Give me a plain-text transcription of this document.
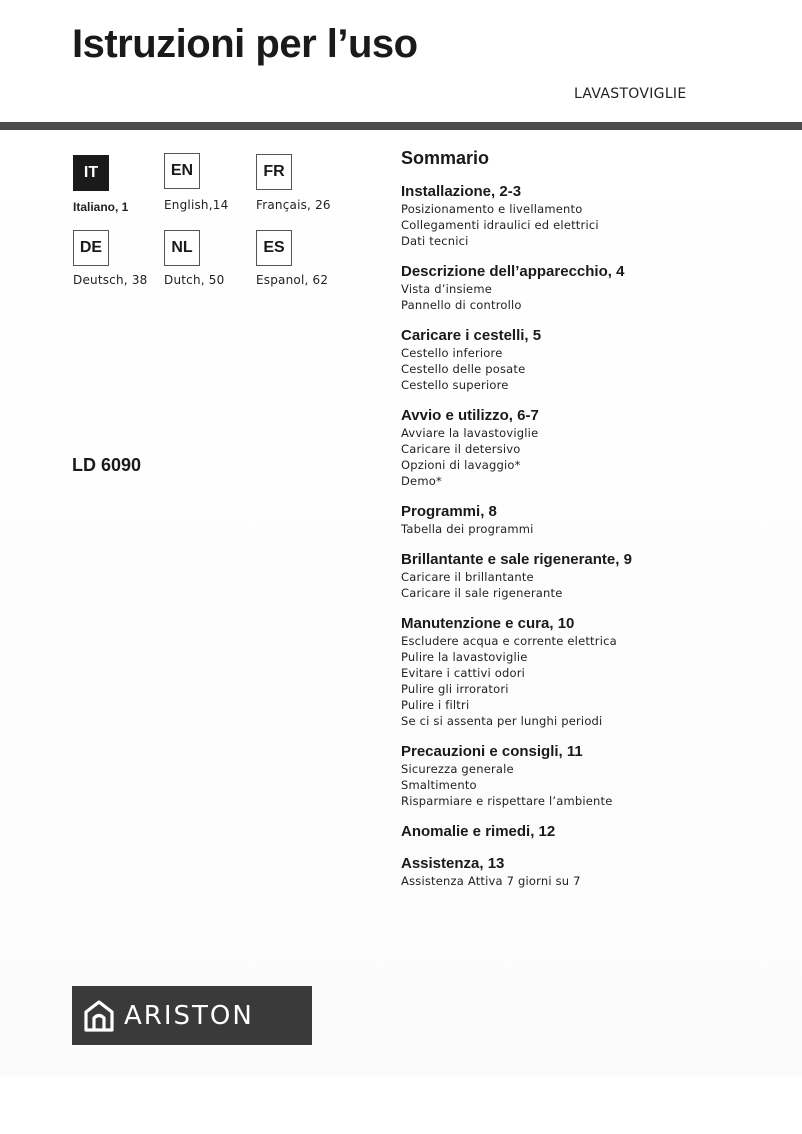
Istruzioni per l’uso
LAVASTOVIGLIE
IT
Italiano, 1
EN
English,14
FR
Français, 26
DE
Deutsch, 38
NL
Dutch, 50
ES
Espanol, 62
LD 6090
Sommario
Installazione, 2-3
Posizionamento e livellamento
Collegamenti idraulici ed elettrici
Dati tecnici
Descrizione dell’apparecchio, 4
Vista d’insieme
Pannello di controllo
Caricare i cestelli, 5
Cestello inferiore
Cestello delle posate
Cestello superiore
Avvio e utilizzo, 6-7
Avviare la lavastoviglie
Caricare il detersivo
Opzioni di lavaggio*
Demo*
Programmi, 8
Tabella dei programmi
Brillantante e sale rigenerante, 9
Caricare il brillantante
Caricare il sale rigenerante
Manutenzione e cura, 10
Escludere acqua e corrente elettrica
Pulire la lavastoviglie
Evitare i cattivi odori
Pulire gli irroratori
Pulire i filtri
Se ci si assenta per lunghi periodi
Precauzioni e consigli, 11
Sicurezza generale
Smaltimento
Risparmiare e rispettare l’ambiente
Anomalie e rimedi, 12
Assistenza, 13
Assistenza Attiva 7 giorni su 7
ARISTON
